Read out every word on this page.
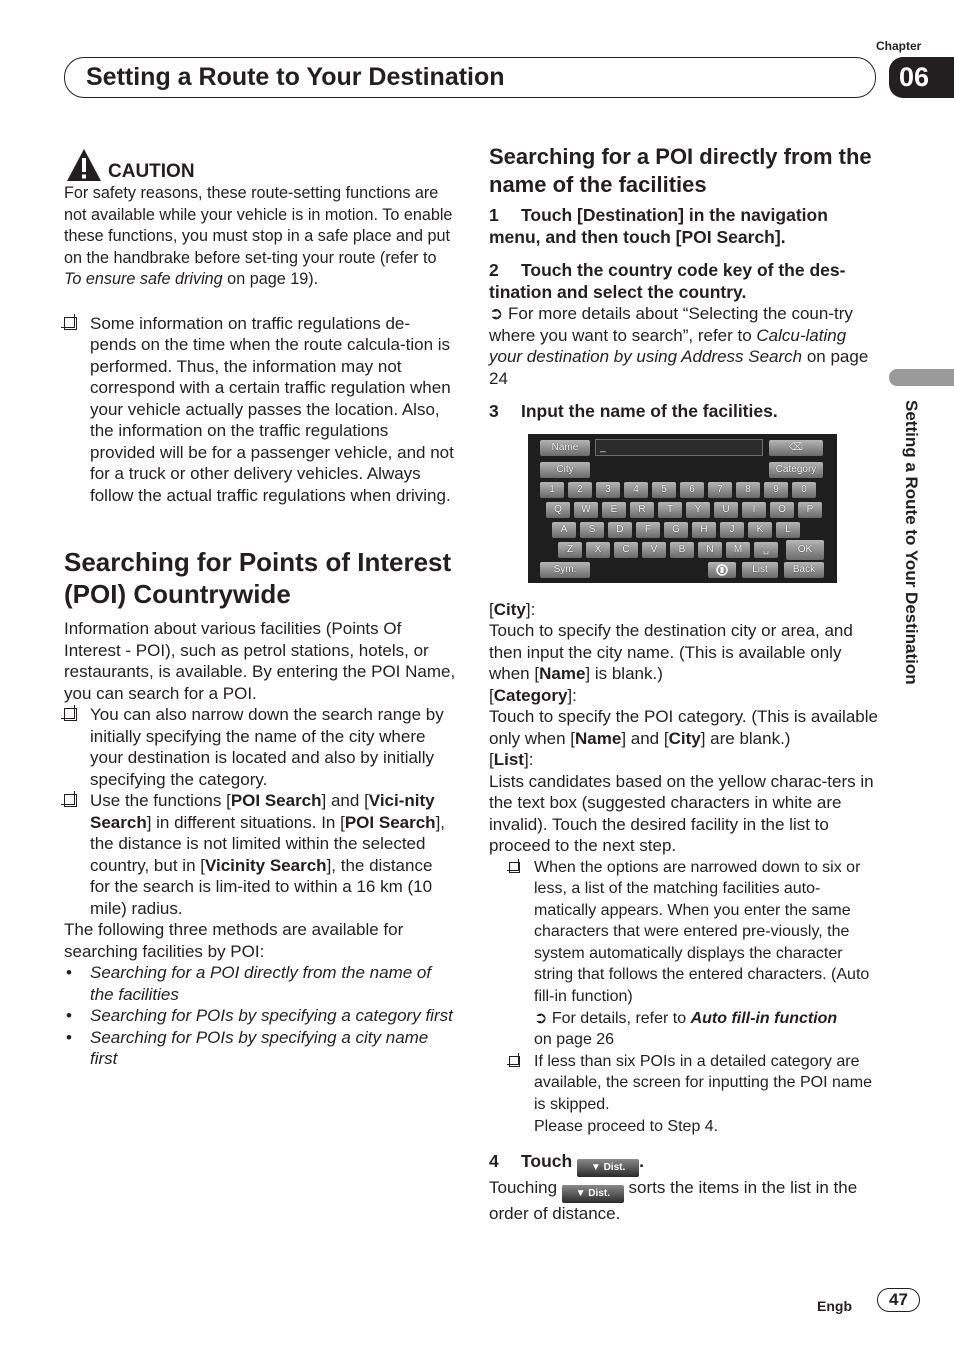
Chapter
Setting a Route to Your Destination	06
Setting a Route to Your Destination
CAUTION

For safety reasons, these route-setting functions are not available while your vehicle is in motion. To enable these functions, you must stop in a safe place and put on the handbrake before set-ting your route (refer to To ensure safe driving on page 19).

Some information on traffic regulations de-pends on the time when the route calcula-tion is performed. Thus, the information may not correspond with a certain traffic regulation when your vehicle actually passes the location. Also, the information on the traffic regulations provided will be for a passenger vehicle, and not for a truck or other delivery vehicles. Always follow the actual traffic regulations when driving.
Searching for Points of Interest (POI) Countrywide

Information about various facilities (Points Of Interest - POI), such as petrol stations, hotels, or restaurants, is available. By entering the POI Name, you can search for a POI.

You can also narrow down the search range by initially specifying the name of the city where your destination is located and also by initially specifying the category.
Use the functions [POI Search] and [Vici-nity Search] in different situations. In [POI Search], the distance is not limited within the selected country, but in [Vicinity Search], the distance for the search is lim-ited to within a 16 km (10 mile) radius.

The following three methods are available for searching facilities by POI:

• Searching for a POI directly from the name of the facilities
• Searching for POIs by specifying a category first
• Searching for POIs by specifying a city name first
Searching for a POI directly from the name of the facilities

1 Touch [Destination] in the navigation menu, and then touch [POI Search].

2 Touch the country code key of the des-tination and select the country.

➲ For more details about “Selecting the coun-try where you want to search”, refer to Calcu-lating your destination by using Address Search on page 24

3 Input the name of the facilities.

Name	_	⌫
City	Category
1	2	3	4	5	6	7	8	9	0
Q	W	E	R	T	Y	U	I	O	P
A	S	D	F	G	H	J	K	L
Z	X	C	V	B	N	M	␣	OK
Sym.	List	Back

[City]:

Touch to specify the destination city or area, and then input the city name. (This is available only when [Name] is blank.)

[Category]:

Touch to specify the POI category. (This is available only when [Name] and [City] are blank.)

[List]:

Lists candidates based on the yellow charac-ters in the text box (suggested characters in white are invalid). Touch the desired facility in the list to proceed to the next step.

When the options are narrowed down to six or less, a list of the matching facilities auto-matically appears. When you enter the same characters that were entered pre-viously, the system automatically displays the character string that follows the entered characters. (Auto fill-in function)
➲ For details, refer to Auto fill-in function
on page 26
If less than six POIs in a detailed category are available, the screen for inputting the POI name is skipped.
Please proceed to Step 4.

4 Touch ▼ Dist. .

Touching ▼ Dist. sorts the items in the list in the order of distance.

Engb	47
